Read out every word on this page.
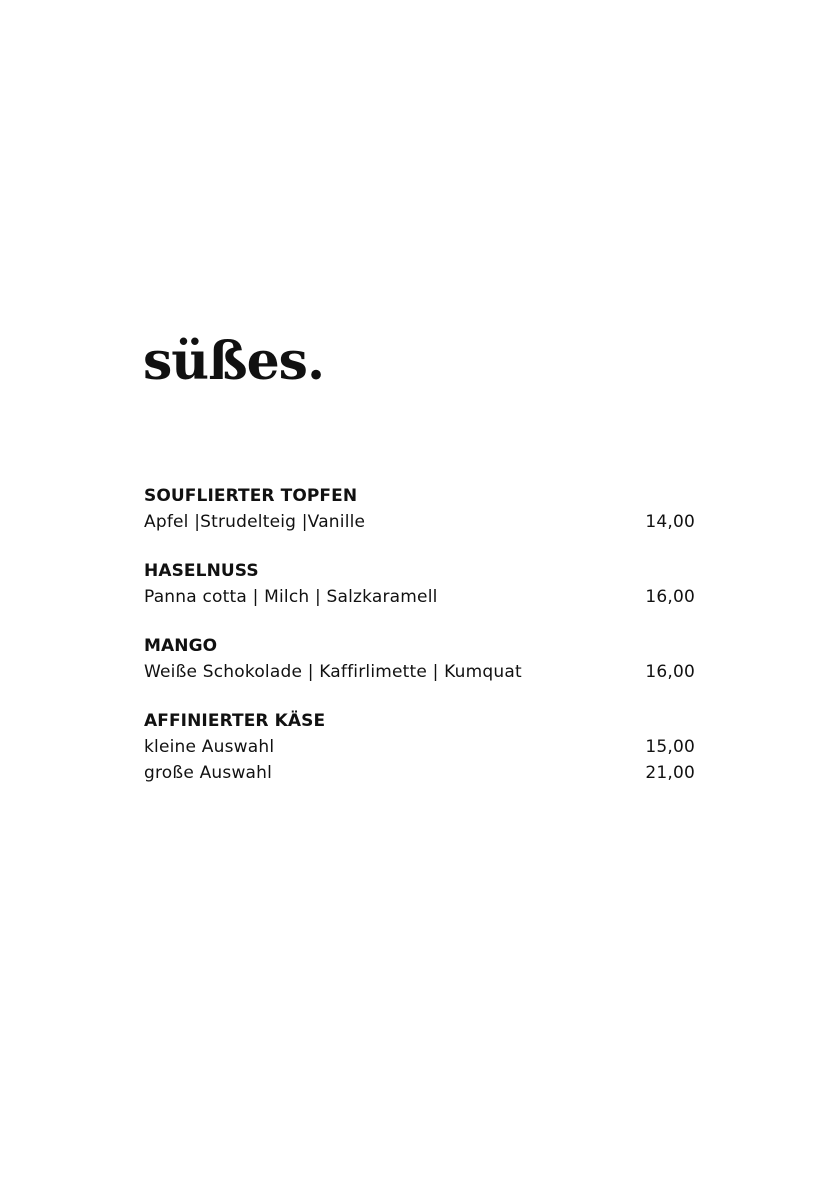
süßes.
SOUFLIERTER TOPFEN
Apfel |Strudelteig |Vanille	14,00
HASELNUSS
Panna cotta | Milch | Salzkaramell	16,00
MANGO
Weiße Schokolade | Kaffirlimette | Kumquat	16,00
AFFINIERTER KÄSE
kleine Auswahl	15,00
große Auswahl	21,00
